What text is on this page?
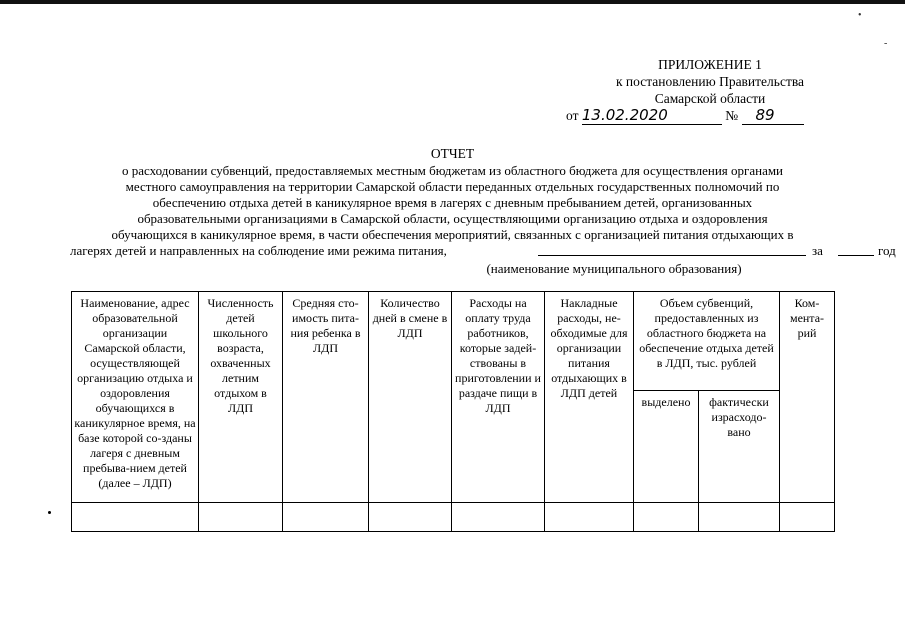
•
-
ПРИЛОЖЕНИЕ 1
к постановлению Правительства
Самарской области
от 13.02.2020	№ 89
ОТЧЕТ
о расходовании субвенций, предоставляемых местным бюджетам из областного бюджета для осуществления органами
местного самоуправления на территории Самарской области переданных отдельных государственных полномочий по
обеспечению отдыха детей в каникулярное время в лагерях с дневным пребыванием детей, организованных
образовательными организациями в Самарской области, осуществляющими организацию отдыха и оздоровления
обучающихся в каникулярное время, в части обеспечения мероприятий, связанных с организацией питания отдыхающих в
лагерях детей и направленных на соблюдение ими режима питания,	за	год
(наименование муниципального образования)
Наименование, адрес образовательной организации Самарской области, осуществляющей организацию отдыха и оздоровления обучающихся в каникулярное время, на базе которой со-зданы лагеря с дневным пребыва-нием детей (далее – ЛДП)	Численность детей школьного возраста, охваченных летним отдыхом в ЛДП	Средняя сто-имость пита-ния ребенка в ЛДП	Количество дней в смене в ЛДП	Расходы на оплату труда работников, которые задей-ствованы в приготовлении и раздаче пищи в ЛДП	Накладные расходы, не-обходимые для организации питания отдыхающих в ЛДП детей	Объем субвенций, предоставленных из областного бюджета на обеспечение отдыха детей в ЛДП, тыс. рублей		Ком-мента-рий
						выделено	фактически израсходо-вано	
